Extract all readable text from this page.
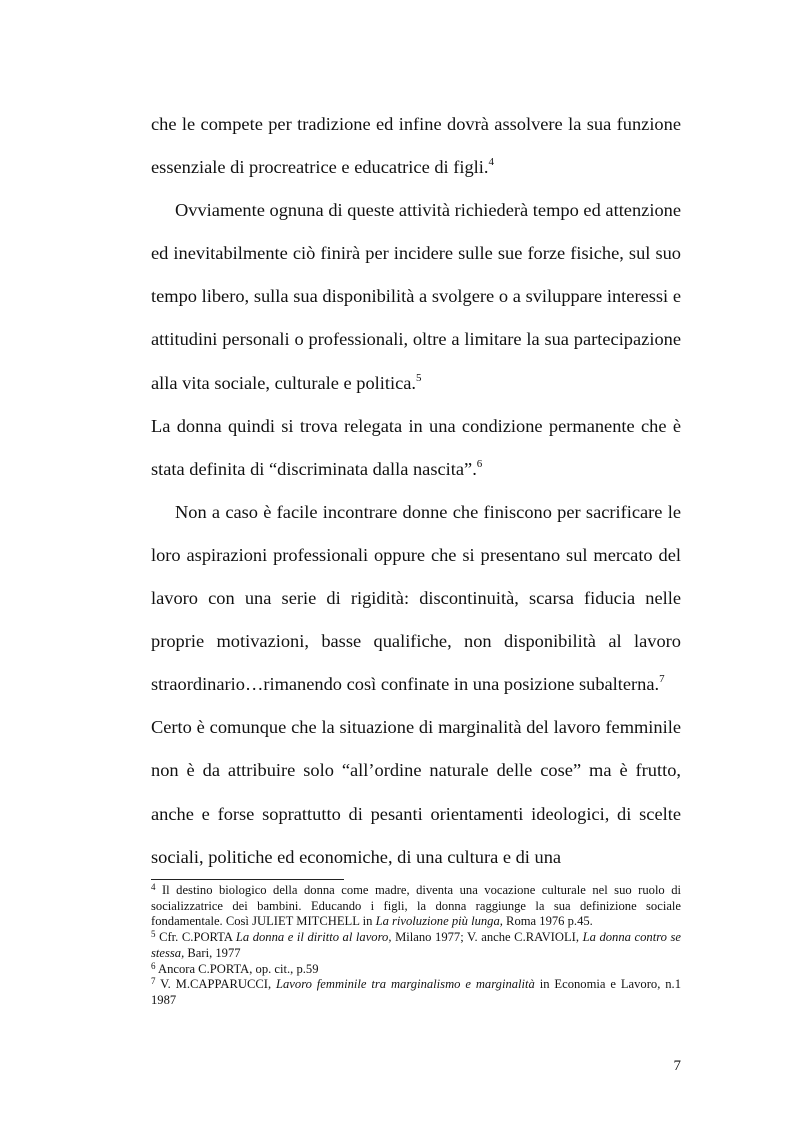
che le compete per tradizione ed infine dovrà assolvere la sua funzione essenziale di procreatrice e educatrice di figli.$^4$

Ovviamente ognuna di queste attività richiederà tempo ed attenzione ed inevitabilmente ciò finirà per incidere sulle sue forze fisiche, sul suo tempo libero, sulla sua disponibilità a svolgere o a sviluppare interessi e attitudini personali o professionali, oltre a limitare la sua partecipazione alla vita sociale, culturale e politica.$^5$

La donna quindi si trova relegata in una condizione permanente che è stata definita di “discriminata dalla nascita”.$^6$

Non a caso è facile incontrare donne che finiscono per sacrificare le loro aspirazioni professionali oppure che si presentano sul mercato del lavoro con una serie di rigidità: discontinuità, scarsa fiducia nelle proprie motivazioni, basse qualifiche, non disponibilità al lavoro straordinario…rimanendo così confinate in una posizione subalterna.$^7$

Certo è comunque che la situazione di marginalità del lavoro femminile non è da attribuire solo “all’ordine naturale delle cose” ma è frutto, anche e forse soprattutto di pesanti orientamenti ideologici, di scelte sociali, politiche ed economiche, di una cultura e di una

$^4$ Il destino biologico della donna come madre, diventa una vocazione culturale nel suo ruolo di socializzatrice dei bambini. Educando i figli, la donna raggiunge la sua definizione sociale fondamentale. Così JULIET MITCHELL in La rivoluzione più lunga, Roma 1976 p.45.

$^5$ Cfr. C.PORTA La donna e il diritto al lavoro, Milano 1977; V. anche C.RAVIOLI, La donna contro se stessa, Bari, 1977

$^6$ Ancora C.PORTA, op. cit., p.59

$^7$ V. M.CAPPARUCCI, Lavoro femminile tra marginalismo e marginalità in Economia e Lavoro, n.1 1987

7
